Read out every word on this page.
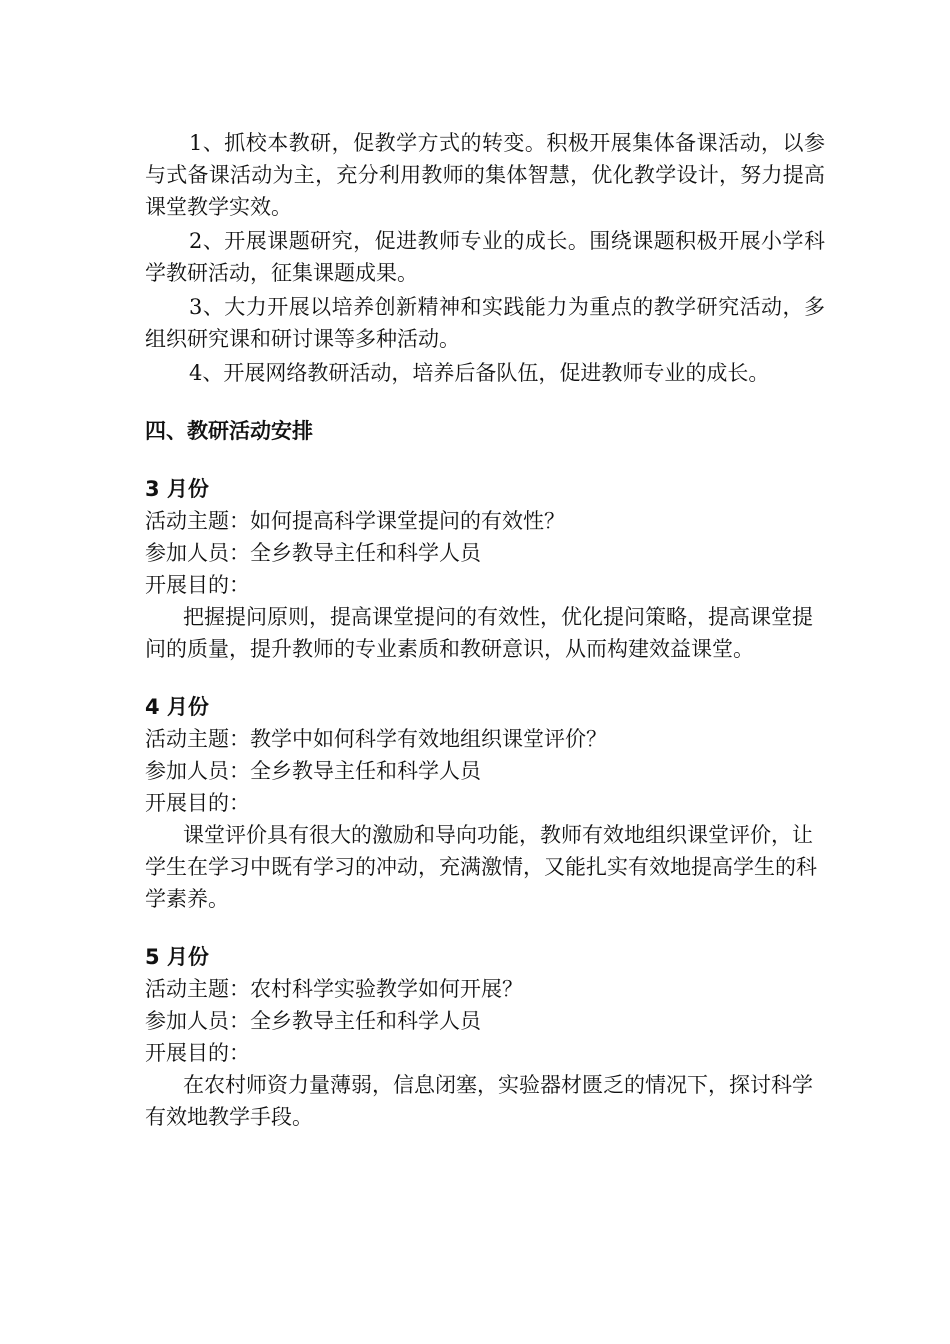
1、抓校本教研，促教学方式的转变。积极开展集体备课活动，以参与式备课活动为主，充分利用教师的集体智慧，优化教学设计，努力提高课堂教学实效。

2、开展课题研究，促进教师专业的成长。围绕课题积极开展小学科学教研活动，征集课题成果。

3、大力开展以培养创新精神和实践能力为重点的教学研究活动，多组织研究课和研讨课等多种活动。

4、开展网络教研活动，培养后备队伍，促进教师专业的成长。

四、教研活动安排
3 月份

活动主题：如何提高科学课堂提问的有效性？

参加人员：全乡教导主任和科学人员

开展目的：

把握提问原则，提高课堂提问的有效性，优化提问策略，提高课堂提问的质量，提升教师的专业素质和教研意识，从而构建效益课堂。

4 月份

活动主题：教学中如何科学有效地组织课堂评价？

参加人员：全乡教导主任和科学人员

开展目的：

课堂评价具有很大的激励和导向功能，教师有效地组织课堂评价，让学生在学习中既有学习的冲动，充满激情，又能扎实有效地提高学生的科学素养。

5 月份

活动主题：农村科学实验教学如何开展？

参加人员：全乡教导主任和科学人员

开展目的：

在农村师资力量薄弱，信息闭塞，实验器材匮乏的情况下，探讨科学有效地教学手段。
